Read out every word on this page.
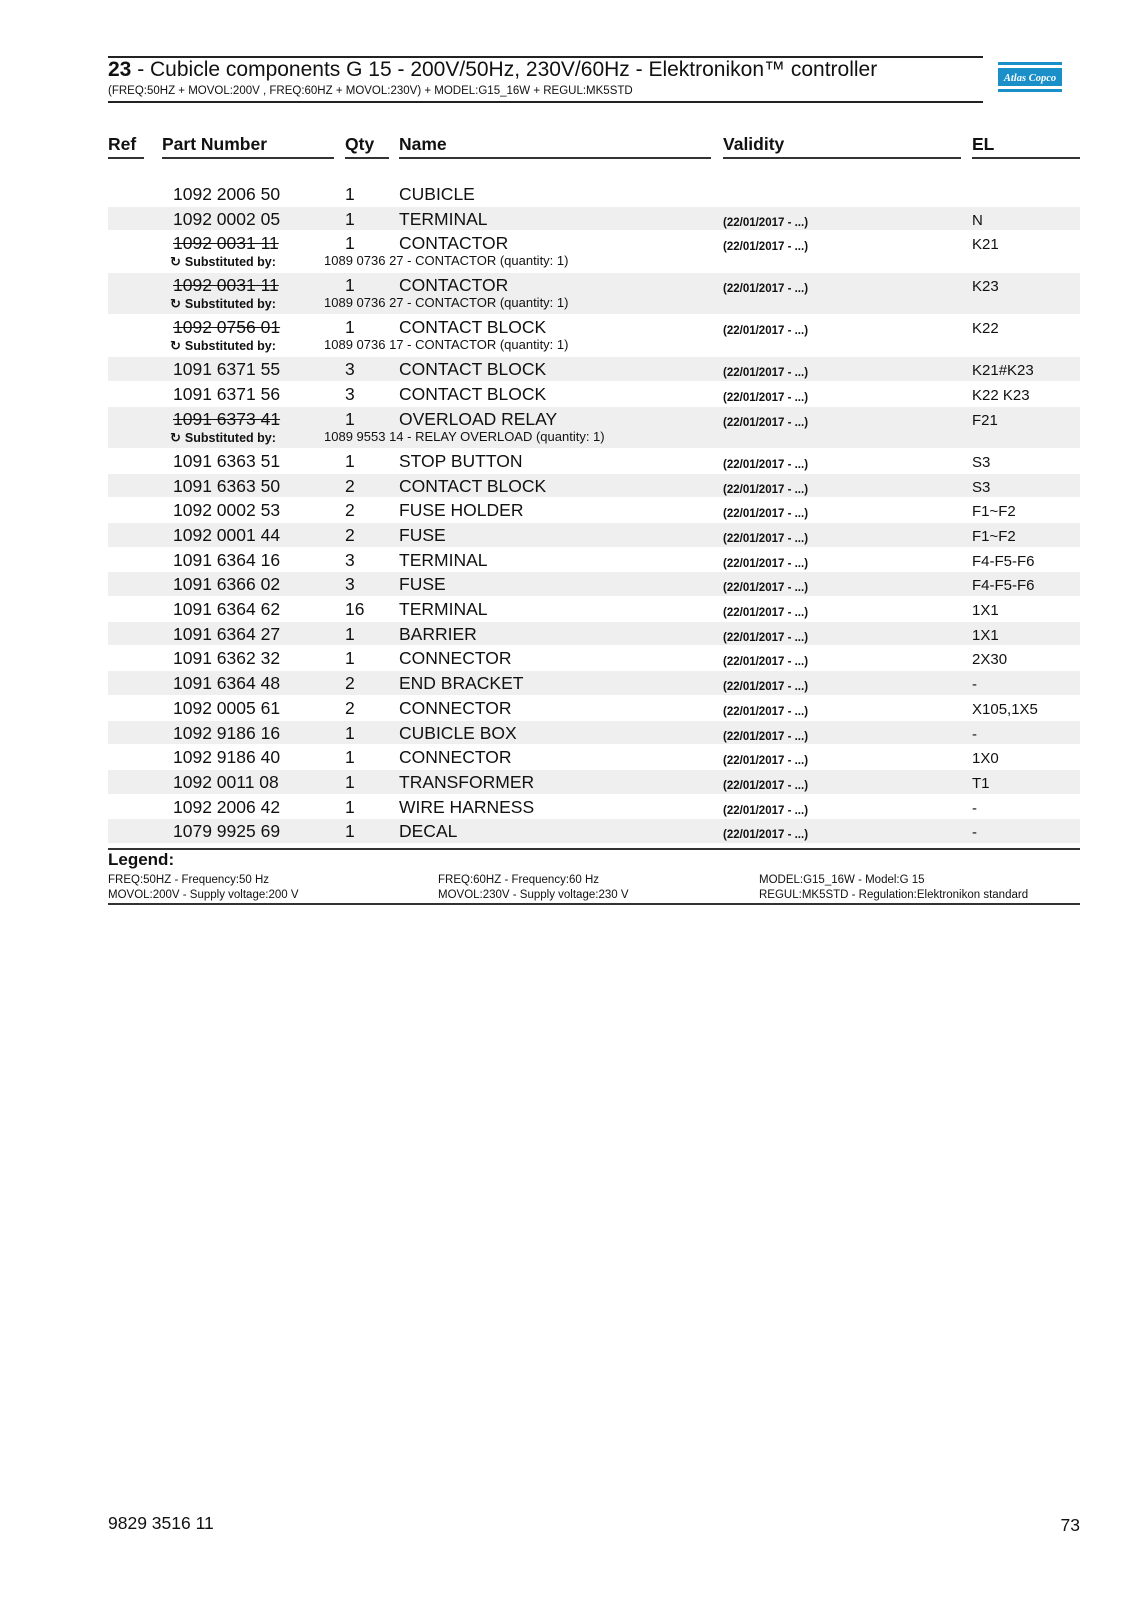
23 - Cubicle components G 15 - 200V/50Hz, 230V/60Hz - Elektronikon™ controller
(FREQ:50HZ + MOVOL:200V , FREQ:60HZ + MOVOL:230V) + MODEL:G15_16W + REGUL:MK5STD
Atlas Copco
Ref Part Number	Qty Name	Validity	EL
1092 2006 50	1	CUBICLE
1092 0002 05	1	TERMINAL	(22/01/2017 - ...)	N
1092 0031 11	1	CONTACTOR	(22/01/2017 - ...)	K21
↻ Substituted by:	1089 0736 27 - CONTACTOR (quantity: 1)
1092 0031 11	1	CONTACTOR	(22/01/2017 - ...)	K23
↻ Substituted by:	1089 0736 27 - CONTACTOR (quantity: 1)
1092 0756 01	1	CONTACT BLOCK	(22/01/2017 - ...)	K22
↻ Substituted by:	1089 0736 17 - CONTACTOR (quantity: 1)
1091 6371 55	3	CONTACT BLOCK	(22/01/2017 - ...)	K21#K23
1091 6371 56	3	CONTACT BLOCK	(22/01/2017 - ...)	K22 K23
1091 6373 41	1	OVERLOAD RELAY	(22/01/2017 - ...)	F21
↻ Substituted by:	1089 9553 14 - RELAY OVERLOAD (quantity: 1)
1091 6363 51	1	STOP BUTTON	(22/01/2017 - ...)	S3
1091 6363 50	2	CONTACT BLOCK	(22/01/2017 - ...)	S3
1092 0002 53	2	FUSE HOLDER	(22/01/2017 - ...)	F1~F2
1092 0001 44	2	FUSE	(22/01/2017 - ...)	F1~F2
1091 6364 16	3	TERMINAL	(22/01/2017 - ...)	F4-F5-F6
1091 6366 02	3	FUSE	(22/01/2017 - ...)	F4-F5-F6
1091 6364 62	16 TERMINAL	(22/01/2017 - ...)	1X1
1091 6364 27	1	BARRIER	(22/01/2017 - ...)	1X1
1091 6362 32	1	CONNECTOR	(22/01/2017 - ...)	2X30
1091 6364 48	2	END BRACKET	(22/01/2017 - ...)	-
1092 0005 61	2	CONNECTOR	(22/01/2017 - ...)	X105,1X5
1092 9186 16	1	CUBICLE BOX	(22/01/2017 - ...)	-
1092 9186 40	1	CONNECTOR	(22/01/2017 - ...)	1X0
1092 0011 08	1	TRANSFORMER	(22/01/2017 - ...)	T1
1092 2006 42	1	WIRE HARNESS	(22/01/2017 - ...)	-
1079 9925 69	1	DECAL	(22/01/2017 - ...)	-
Legend:
FREQ:50HZ - Frequency:50 Hz	FREQ:60HZ - Frequency:60 Hz	MODEL:G15_16W - Model:G 15
MOVOL:200V - Supply voltage:200 V	MOVOL:230V - Supply voltage:230 V	REGUL:MK5STD - Regulation:Elektronikon standard
9829 3516 11	73
